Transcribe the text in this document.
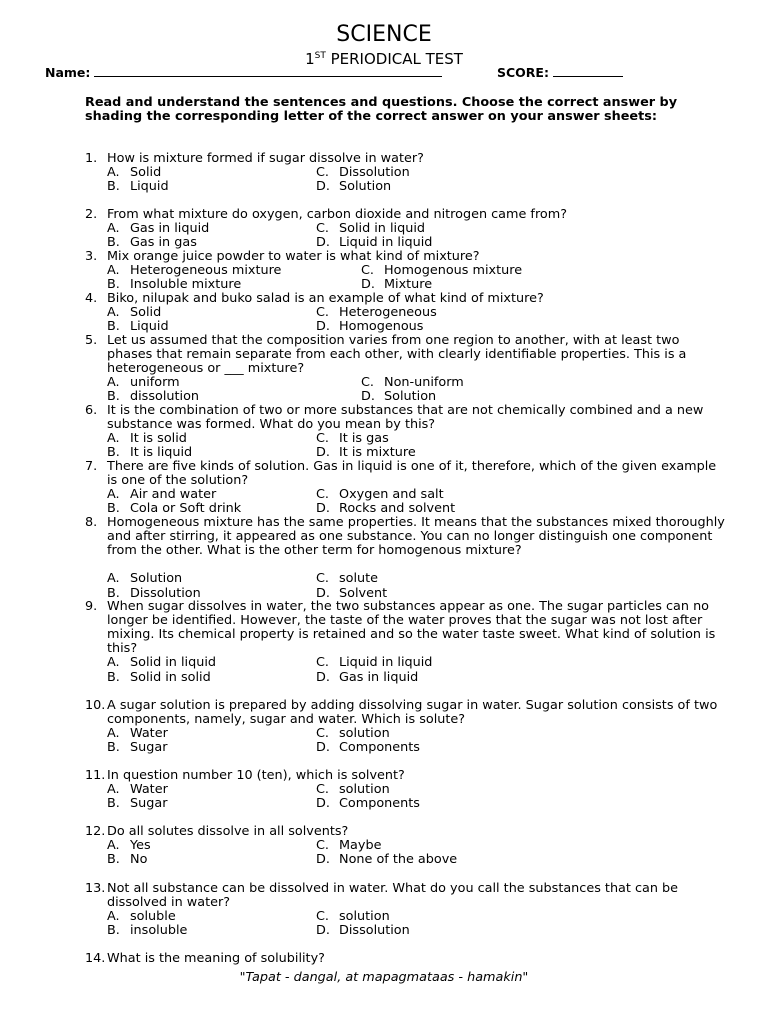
SCIENCE
1ST PERIODICAL TEST
Name:	SCORE:
Read and understand the sentences and questions. Choose the correct answer by shading the corresponding letter of the correct answer on your answer sheets:
1. How is mixture formed if sugar dissolve in water?
A. Solid	C. Dissolution
B. Liquid	D. Solution
2. From what mixture do oxygen, carbon dioxide and nitrogen came from?
A. Gas in liquid	C. Solid in liquid
B. Gas in gas	D. Liquid in liquid
3. Mix orange juice powder to water is what kind of mixture?
A. Heterogeneous mixture	C. Homogenous mixture
B. Insoluble mixture	D. Mixture
4. Biko, nilupak and buko salad is an example of what kind of mixture?
A. Solid	C. Heterogeneous
B. Liquid	D. Homogenous
5. Let us assumed that the composition varies from one region to another, with at least two phases that remain separate from each other, with clearly identifiable properties. This is a heterogeneous or ___ mixture?
A. uniform	C. Non-uniform
B. dissolution	D. Solution
6. It is the combination of two or more substances that are not chemically combined and a new substance was formed. What do you mean by this?
A. It is solid	C. It is gas
B. It is liquid	D. It is mixture
7. There are five kinds of solution. Gas in liquid is one of it, therefore, which of the given example is one of the solution?
A. Air and water	C. Oxygen and salt
B. Cola or Soft drink	D. Rocks and solvent
8. Homogeneous mixture has the same properties. It means that the substances mixed thoroughly and after stirring, it appeared as one substance. You can no longer distinguish one component from the other. What is the other term for homogenous mixture?
A. Solution	C. solute
B. Dissolution	D. Solvent
9. When sugar dissolves in water, the two substances appear as one. The sugar particles can no longer be identified. However, the taste of the water proves that the sugar was not lost after mixing. Its chemical property is retained and so the water taste sweet. What kind of solution is this?
A. Solid in liquid	C. Liquid in liquid
B. Solid in solid	D. Gas in liquid
10. A sugar solution is prepared by adding dissolving sugar in water. Sugar solution consists of two components, namely, sugar and water. Which is solute?
A. Water	C. solution
B. Sugar	D. Components
11. In question number 10 (ten), which is solvent?
A. Water	C. solution
B. Sugar	D. Components
12. Do all solutes dissolve in all solvents?
A. Yes	C. Maybe
B. No	D. None of the above
13. Not all substance can be dissolved in water. What do you call the substances that can be dissolved in water?
A. soluble	C. solution
B. insoluble	D. Dissolution
14. What is the meaning of solubility?
"Tapat - dangal, at mapagmataas - hamakin"
